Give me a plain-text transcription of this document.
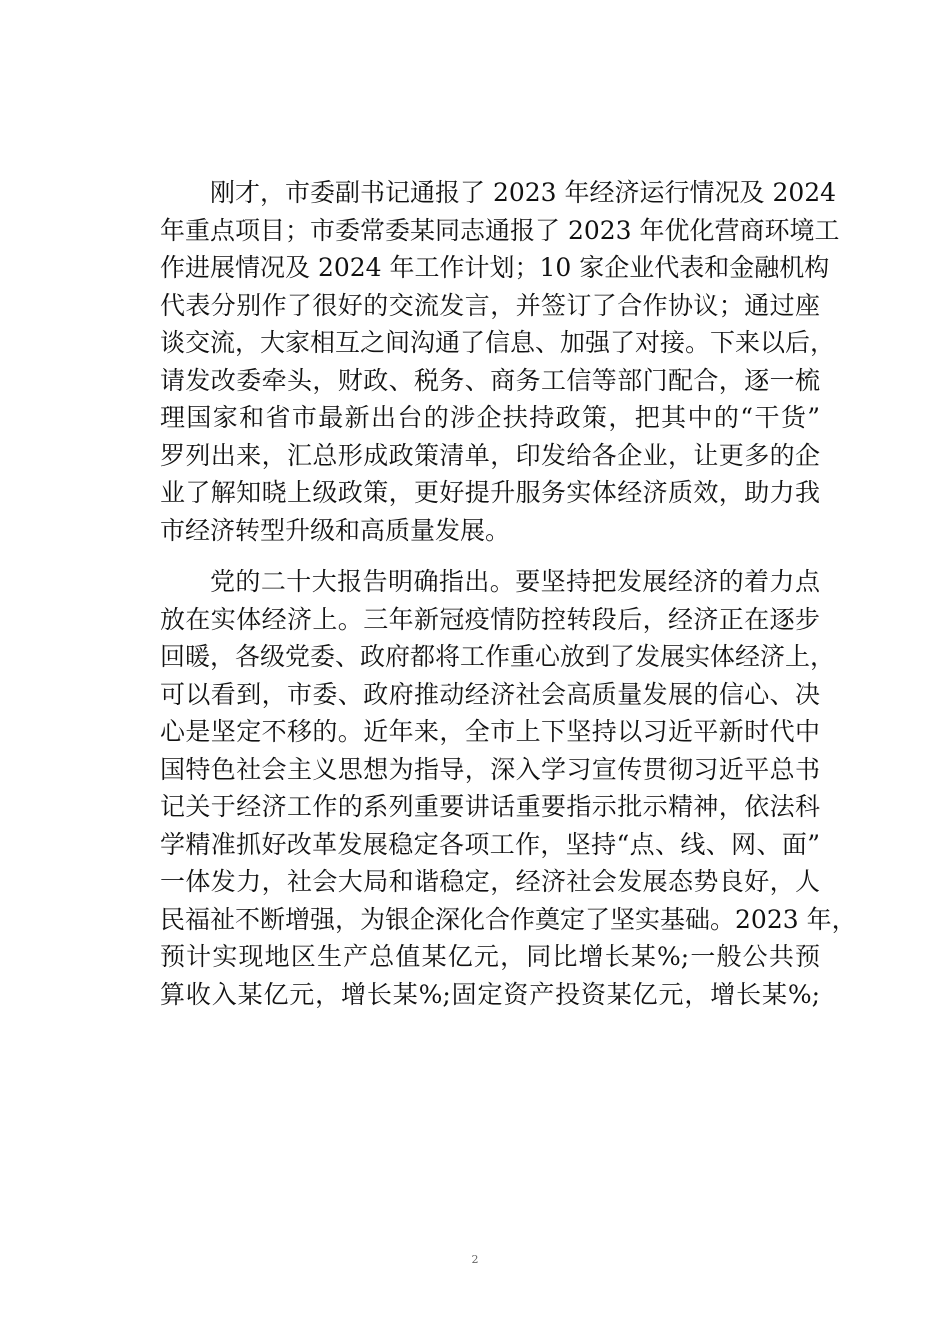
刚才，市委副书记通报了 2023 年经济运行情况及 2024
年重点项目；市委常委某同志通报了 2023 年优化营商环境工
作进展情况及 2024 年工作计划；10 家企业代表和金融机构
代表分别作了很好的交流发言，并签订了合作协议；通过座
谈交流，大家相互之间沟通了信息、加强了对接。下来以后，
请发改委牵头，财政、税务、商务工信等部门配合，逐一梳
理国家和省市最新出台的涉企扶持政策，把其中的“干货”
罗列出来，汇总形成政策清单，印发给各企业，让更多的企
业了解知晓上级政策，更好提升服务实体经济质效，助力我
市经济转型升级和高质量发展。
党的二十大报告明确指出。要坚持把发展经济的着力点
放在实体经济上。三年新冠疫情防控转段后，经济正在逐步
回暖，各级党委、政府都将工作重心放到了发展实体经济上，
可以看到，市委、政府推动经济社会高质量发展的信心、决
心是坚定不移的。近年来，全市上下坚持以习近平新时代中
国特色社会主义思想为指导，深入学习宣传贯彻习近平总书
记关于经济工作的系列重要讲话重要指示批示精神，依法科
学精准抓好改革发展稳定各项工作，坚持“点、线、网、面”
一体发力，社会大局和谐稳定，经济社会发展态势良好，人
民福祉不断增强，为银企深化合作奠定了坚实基础。2023 年，
预计实现地区生产总值某亿元，同比增长某%;一般公共预
算收入某亿元，增长某%;固定资产投资某亿元，增长某%;
2
